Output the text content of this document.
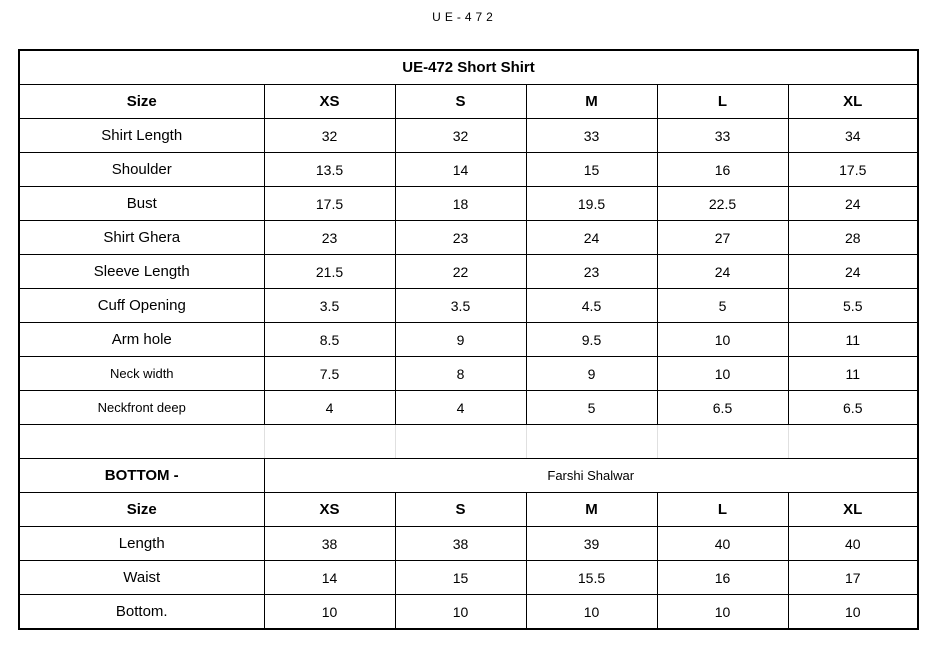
UE-472
UE-472 Short Shirt					
Size	XS	S	M	L	XL
Shirt Length	32	32	33	33	34
Shoulder	13.5	14	15	16	17.5
Bust	17.5	18	19.5	22.5	24
Shirt Ghera	23	23	24	27	28
Sleeve Length	21.5	22	23	24	24
Cuff Opening	3.5	3.5	4.5	5	5.5
Arm hole	8.5	9	9.5	10	11
Neck width	7.5	8	9	10	11
Neckfront deep	4	4	5	6.5	6.5

BOTTOM -	Farshi Shalwar				
Size	XS	S	M	L	XL
Length	38	38	39	40	40
Waist	14	15	15.5	16	17
Bottom.	10	10	10	10	10
